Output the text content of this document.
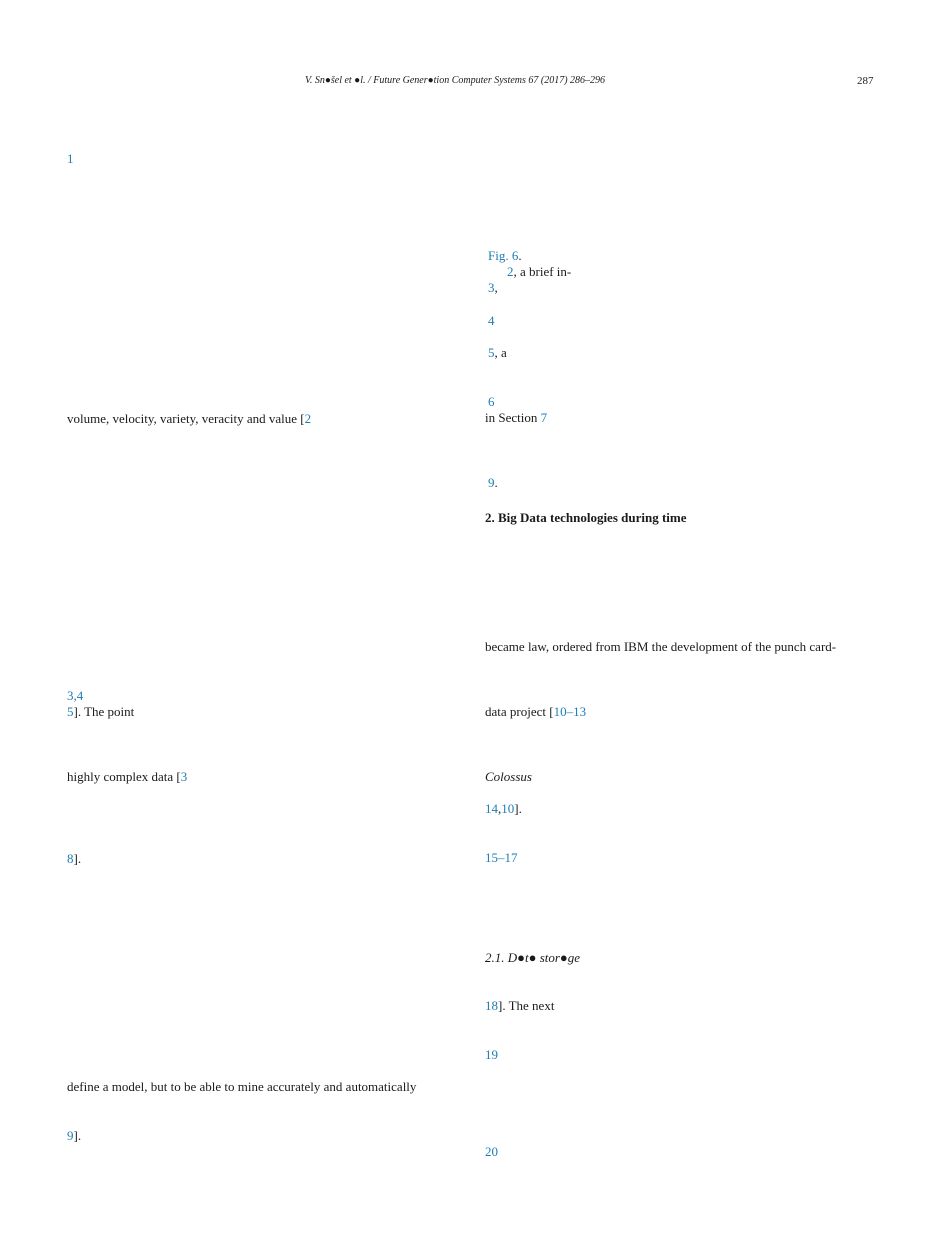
V. Sn●šel et ●l. / Future Gener●tion Computer Systems 67 (2017) 286–296	287
1
volume, velocity, variety, veracity and value [2
3,4
5]. The point
highly complex data [3
8].
define a model, but to be able to mine accurately and automatically
9].
Fig. 6.
2, a brief in-
3,
4
5, a
6
in Section 7
9.
2. Big Data technologies during time
became law, ordered from IBM the development of the punch card-
data project [10–13
Colossus
14,10].
15–17
2.1. D●t● stor●ge
18]. The next
19
20
